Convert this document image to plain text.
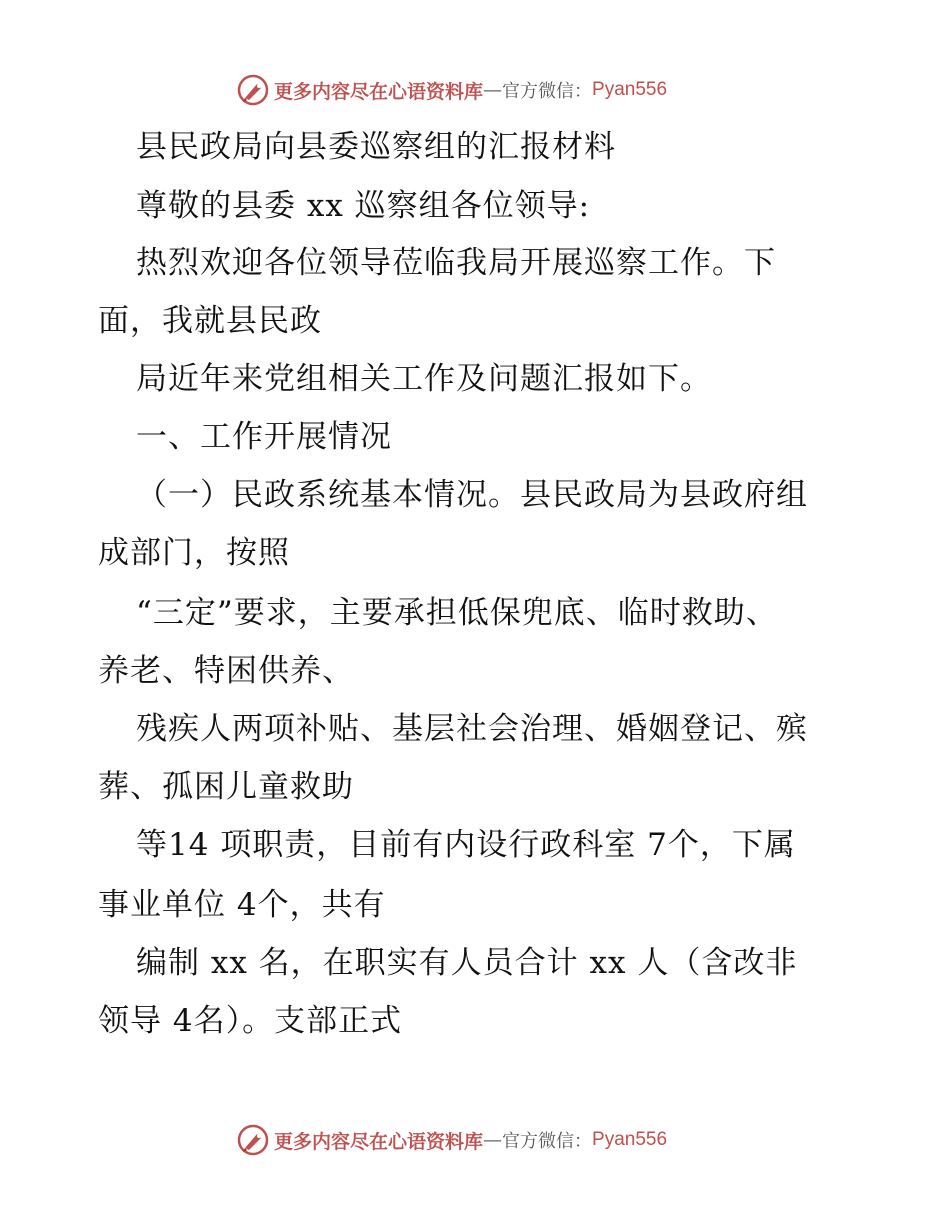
更多内容尽在心语资料库 — 官方微信： Pyan556
县民政局向县委巡察组的汇报材料
尊敬的县委 xx 巡察组各位领导:
热烈欢迎各位领导莅临我局开展巡察工作。下
面，我就县民政
局近年来党组相关工作及问题汇报如下。
一、工作开展情况
（一）民政系统基本情况。县民政局为县政府组
成部门，按照
“三定”要求，主要承担低保兜底、临时救助、
养老、特困供养、
残疾人两项补贴、基层社会治理、婚姻登记、殡
葬、孤困儿童救助
等14 项职责，目前有内设行政科室 7个，下属
事业单位 4个，共有
编制 xx 名，在职实有人员合计 xx 人（含改非
领导 4名）。支部正式
更多内容尽在心语资料库 — 官方微信： Pyan556
